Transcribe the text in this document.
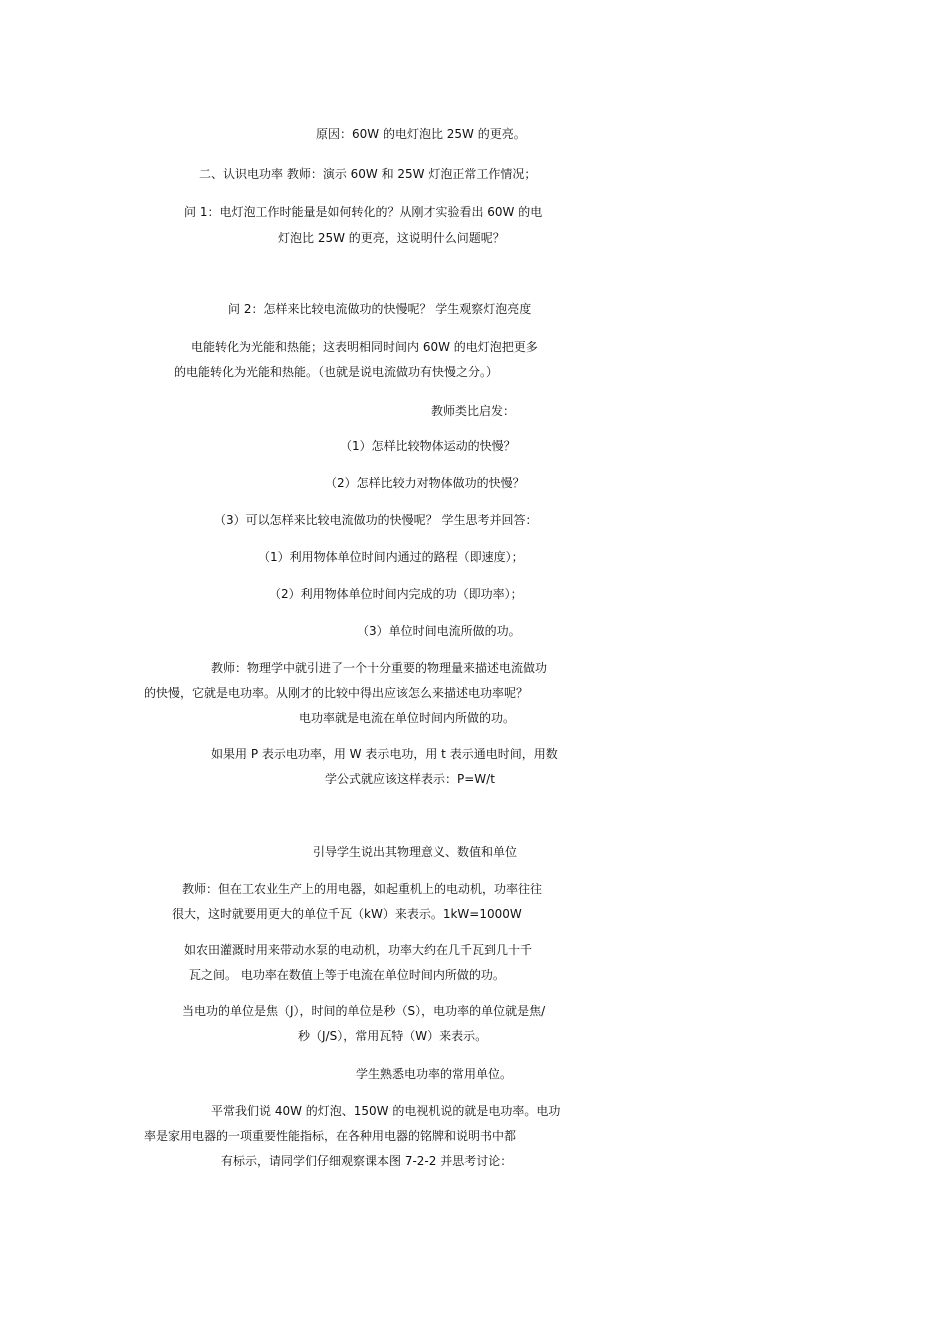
原因：60W 的电灯泡比 25W 的更亮。

二、认识电功率 教师：演示 60W 和 25W 灯泡正常工作情况；

问 1：电灯泡工作时能量是如何转化的？从刚才实验看出 60W 的电

灯泡比 25W 的更亮，这说明什么问题呢？

问 2：怎样来比较电流做功的快慢呢？ 学生观察灯泡亮度

电能转化为光能和热能；这表明相同时间内 60W 的电灯泡把更多

的电能转化为光能和热能。（也就是说电流做功有快慢之分。）

教师类比启发：

（1）怎样比较物体运动的快慢？

（2）怎样比较力对物体做功的快慢？

（3）可以怎样来比较电流做功的快慢呢？ 学生思考并回答：

（1）利用物体单位时间内通过的路程（即速度）；

（2）利用物体单位时间内完成的功（即功率）；

（3）单位时间电流所做的功。

教师：物理学中就引进了一个十分重要的物理量来描述电流做功

的快慢，它就是电功率。从刚才的比较中得出应该怎么来描述电功率呢？

电功率就是电流在单位时间内所做的功。

如果用 P 表示电功率，用 W 表示电功，用 t 表示通电时间，用数

学公式就应该这样表示：P=W/t

引导学生说出其物理意义、数值和单位

教师：但在工农业生产上的用电器，如起重机上的电动机，功率往往

很大，这时就要用更大的单位千瓦（kW）来表示。1kW=1000W

如农田灌溉时用来带动水泵的电动机，功率大约在几千瓦到几十千

瓦之间。 电功率在数值上等于电流在单位时间内所做的功。

当电功的单位是焦（J），时间的单位是秒（S），电功率的单位就是焦/

秒（J/S），常用瓦特（W）来表示。

学生熟悉电功率的常用单位。

平常我们说 40W 的灯泡、150W 的电视机说的就是电功率。电功

率是家用电器的一项重要性能指标，在各种用电器的铭牌和说明书中都

有标示，请同学们仔细观察课本图 7-2-2 并思考讨论：
